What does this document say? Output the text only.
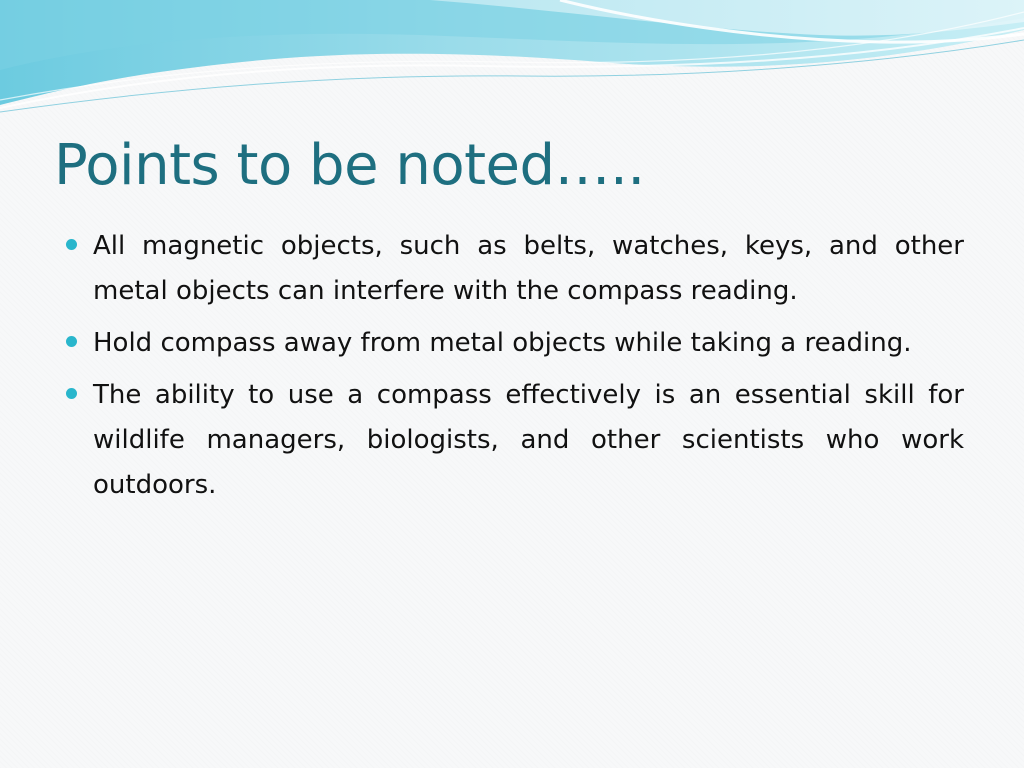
Points to be noted…..
All magnetic objects, such as belts, watches, keys, and other metal objects can interfere with the compass reading.
Hold compass away from metal objects while taking a reading.
The ability to use a compass effectively is an essential skill for wildlife managers, biologists, and other scientists who work outdoors.
